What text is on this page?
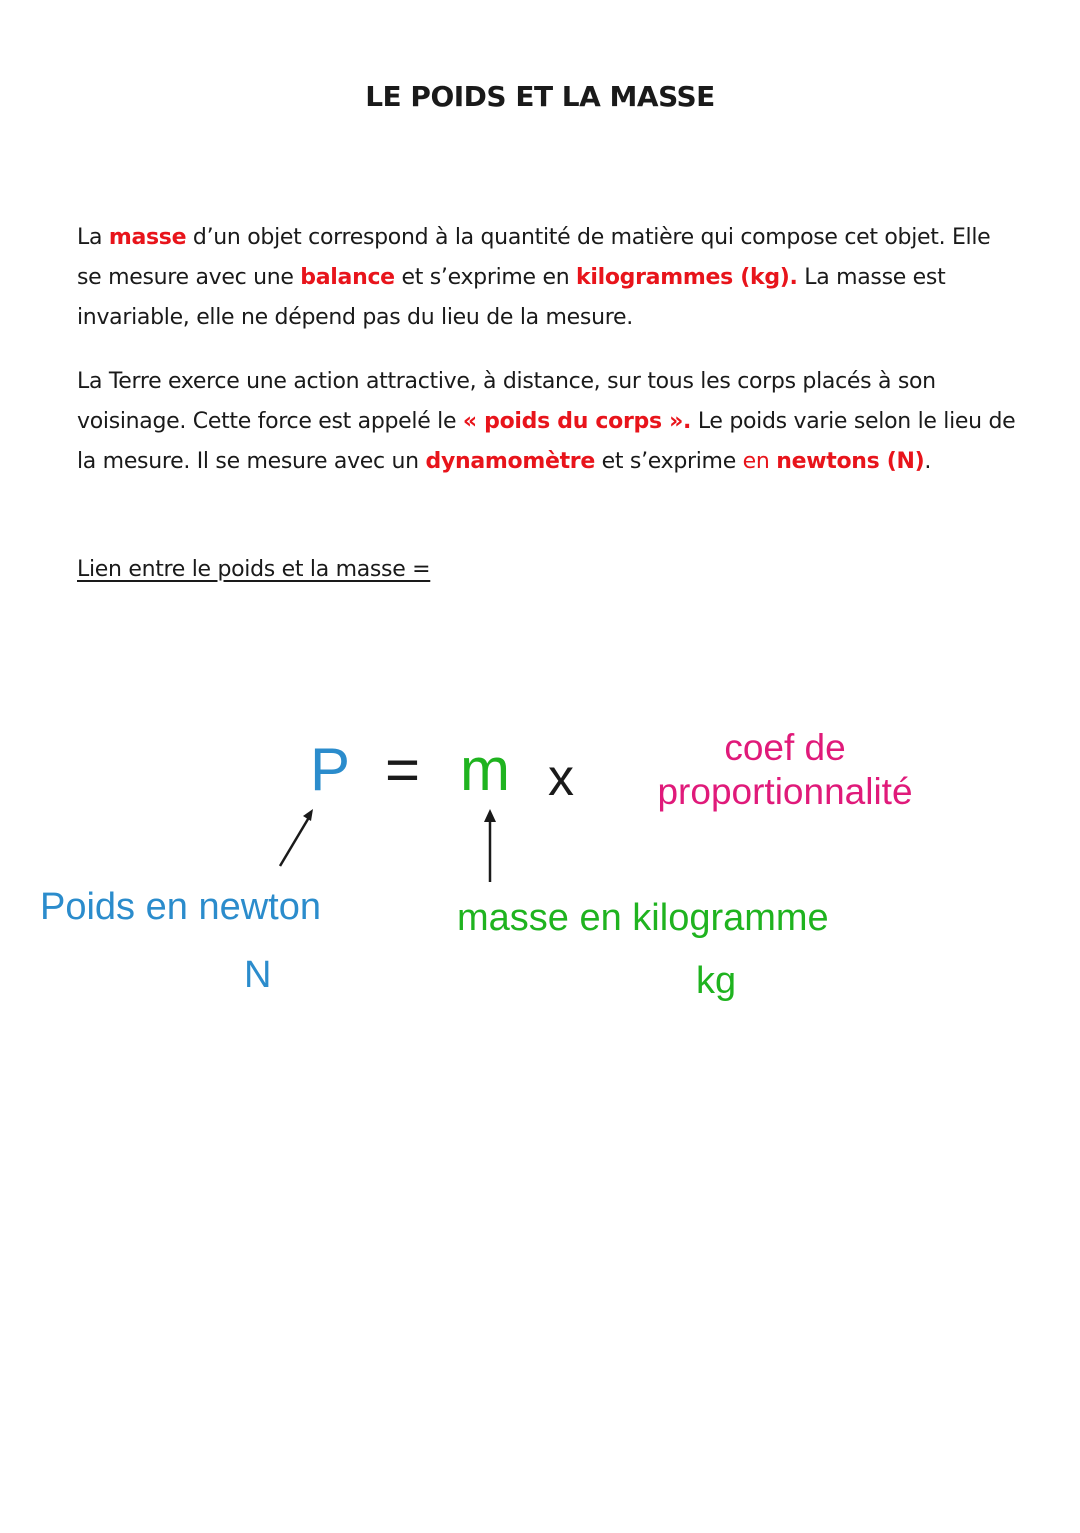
LE POIDS ET LA MASSE

La masse d’un objet correspond à la quantité de matière qui compose cet objet. Elle se mesure avec une balance et s’exprime en kilogrammes (kg). La masse est invariable, elle ne dépend pas du lieu de la mesure.

La Terre exerce une action attractive, à distance, sur tous les corps placés à son voisinage. Cette force est appelé le « poids du corps ». Le poids varie selon le lieu de la mesure. Il se mesure avec un dynamomètre et s’exprime en newtons (N).

Lien entre le poids et la masse =
P = m x
coef de
proportionnalité
Poids en newton
N
masse en kilogramme
kg
